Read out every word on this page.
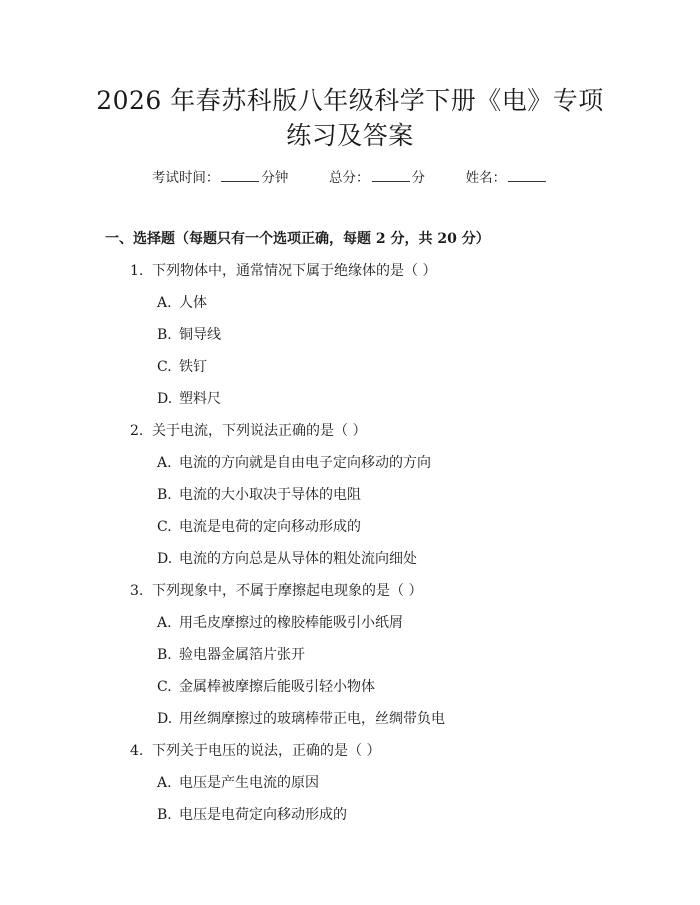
2026 年春苏科版八年级科学下册《电》专项
练习及答案
考试时间：	分钟	总分：	分	姓名：
一、选择题（每题只有一个选项正确，每题 2 分，共 20 分）
1. 下列物体中，通常情况下属于绝缘体的是（ ）
A. 人体
B. 铜导线
C. 铁钉
D. 塑料尺
2. 关于电流，下列说法正确的是（ ）
A. 电流的方向就是自由电子定向移动的方向
B. 电流的大小取决于导体的电阻
C. 电流是电荷的定向移动形成的
D. 电流的方向总是从导体的粗处流向细处
3. 下列现象中，不属于摩擦起电现象的是（ ）
A. 用毛皮摩擦过的橡胶棒能吸引小纸屑
B. 验电器金属箔片张开
C. 金属棒被摩擦后能吸引轻小物体
D. 用丝绸摩擦过的玻璃棒带正电，丝绸带负电
4. 下列关于电压的说法，正确的是（ ）
A. 电压是产生电流的原因
B. 电压是电荷定向移动形成的
